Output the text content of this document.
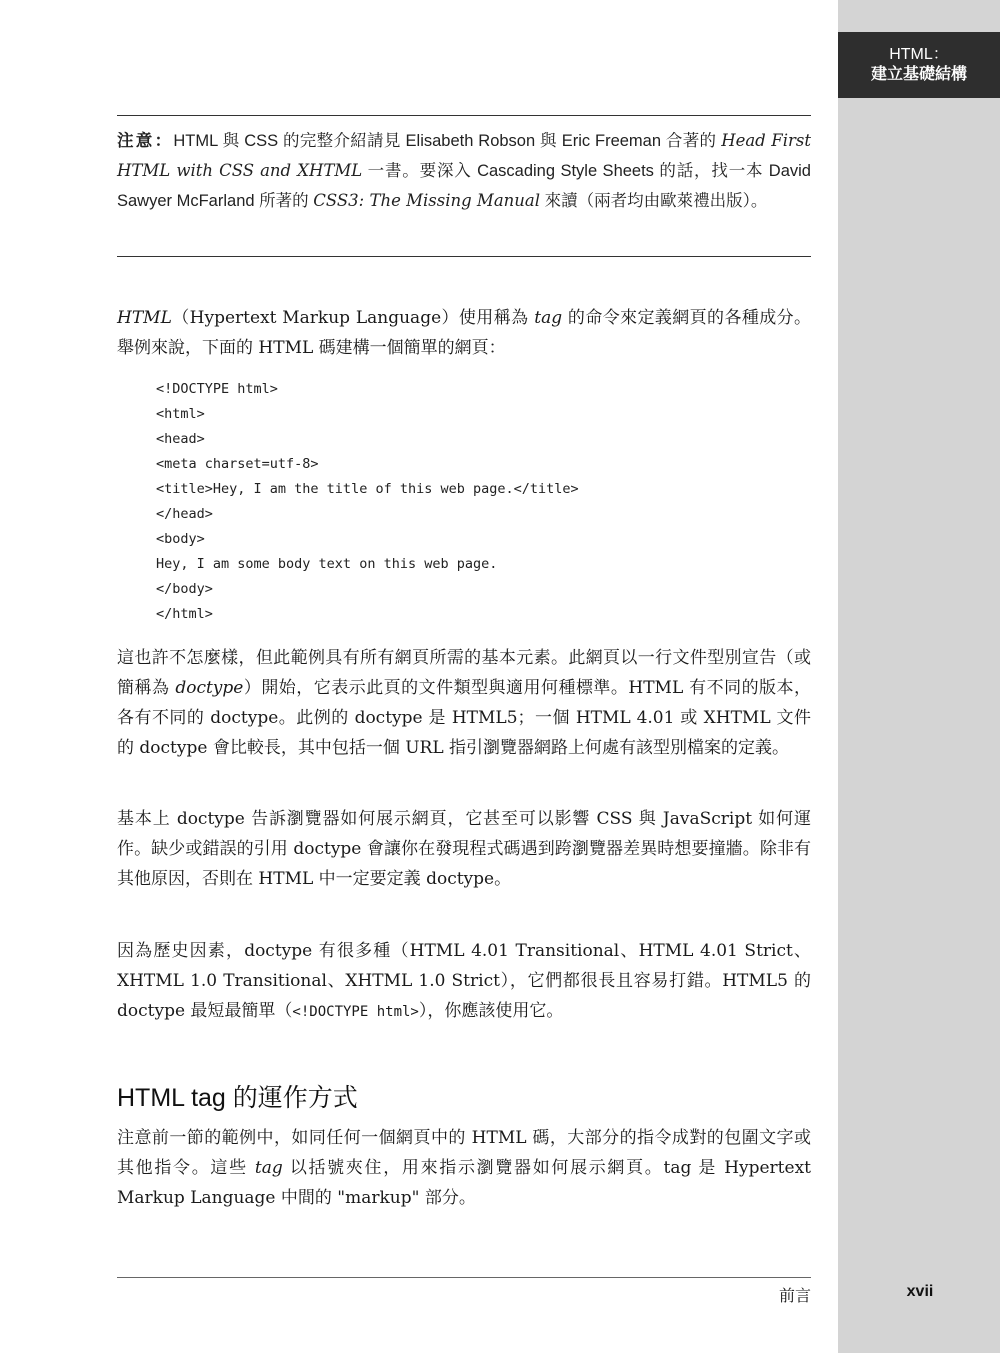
HTML：
建立基礎結構
注意：HTML 與 CSS 的完整介紹請見 Elisabeth Robson 與 Eric Freeman 合著的 Head First HTML with CSS and XHTML 一書。要深入 Cascading Style Sheets 的話，找一本 David Sawyer McFarland 所著的 CSS3: The Missing Manual 來讀（兩者均由歐萊禮出版）。

HTML（Hypertext Markup Language）使用稱為 tag 的命令來定義網頁的各種成分。舉例來說，下面的 HTML 碼建構一個簡單的網頁：

<!DOCTYPE html>
<html>
<head>
<meta charset=utf-8>
<title>Hey, I am the title of this web page.</title>
</head>
<body>
Hey, I am some body text on this web page.
</body>
</html>

這也許不怎麼樣，但此範例具有所有網頁所需的基本元素。此網頁以一行文件型別宣告（或簡稱為 doctype）開始，它表示此頁的文件類型與適用何種標準。HTML 有不同的版本，各有不同的 doctype。此例的 doctype 是 HTML5；一個 HTML 4.01 或 XHTML 文件的 doctype 會比較長，其中包括一個 URL 指引瀏覽器網路上何處有該型別檔案的定義。

基本上 doctype 告訴瀏覽器如何展示網頁，它甚至可以影響 CSS 與 JavaScript 如何運作。缺少或錯誤的引用 doctype 會讓你在發現程式碼遇到跨瀏覽器差異時想要撞牆。除非有其他原因，否則在 HTML 中一定要定義 doctype。

因為歷史因素，doctype 有很多種（HTML 4.01 Transitional、HTML 4.01 Strict、XHTML 1.0 Transitional、XHTML 1.0 Strict），它們都很長且容易打錯。HTML5 的 doctype 最短最簡單（<!DOCTYPE html>），你應該使用它。

HTML tag 的運作方式

注意前一節的範例中，如同任何一個網頁中的 HTML 碼，大部分的指令成對的包圍文字或其他指令。這些 tag 以括號夾住，用來指示瀏覽器如何展示網頁。tag 是 Hypertext Markup Language 中間的 "markup" 部分。

前言	xvii
